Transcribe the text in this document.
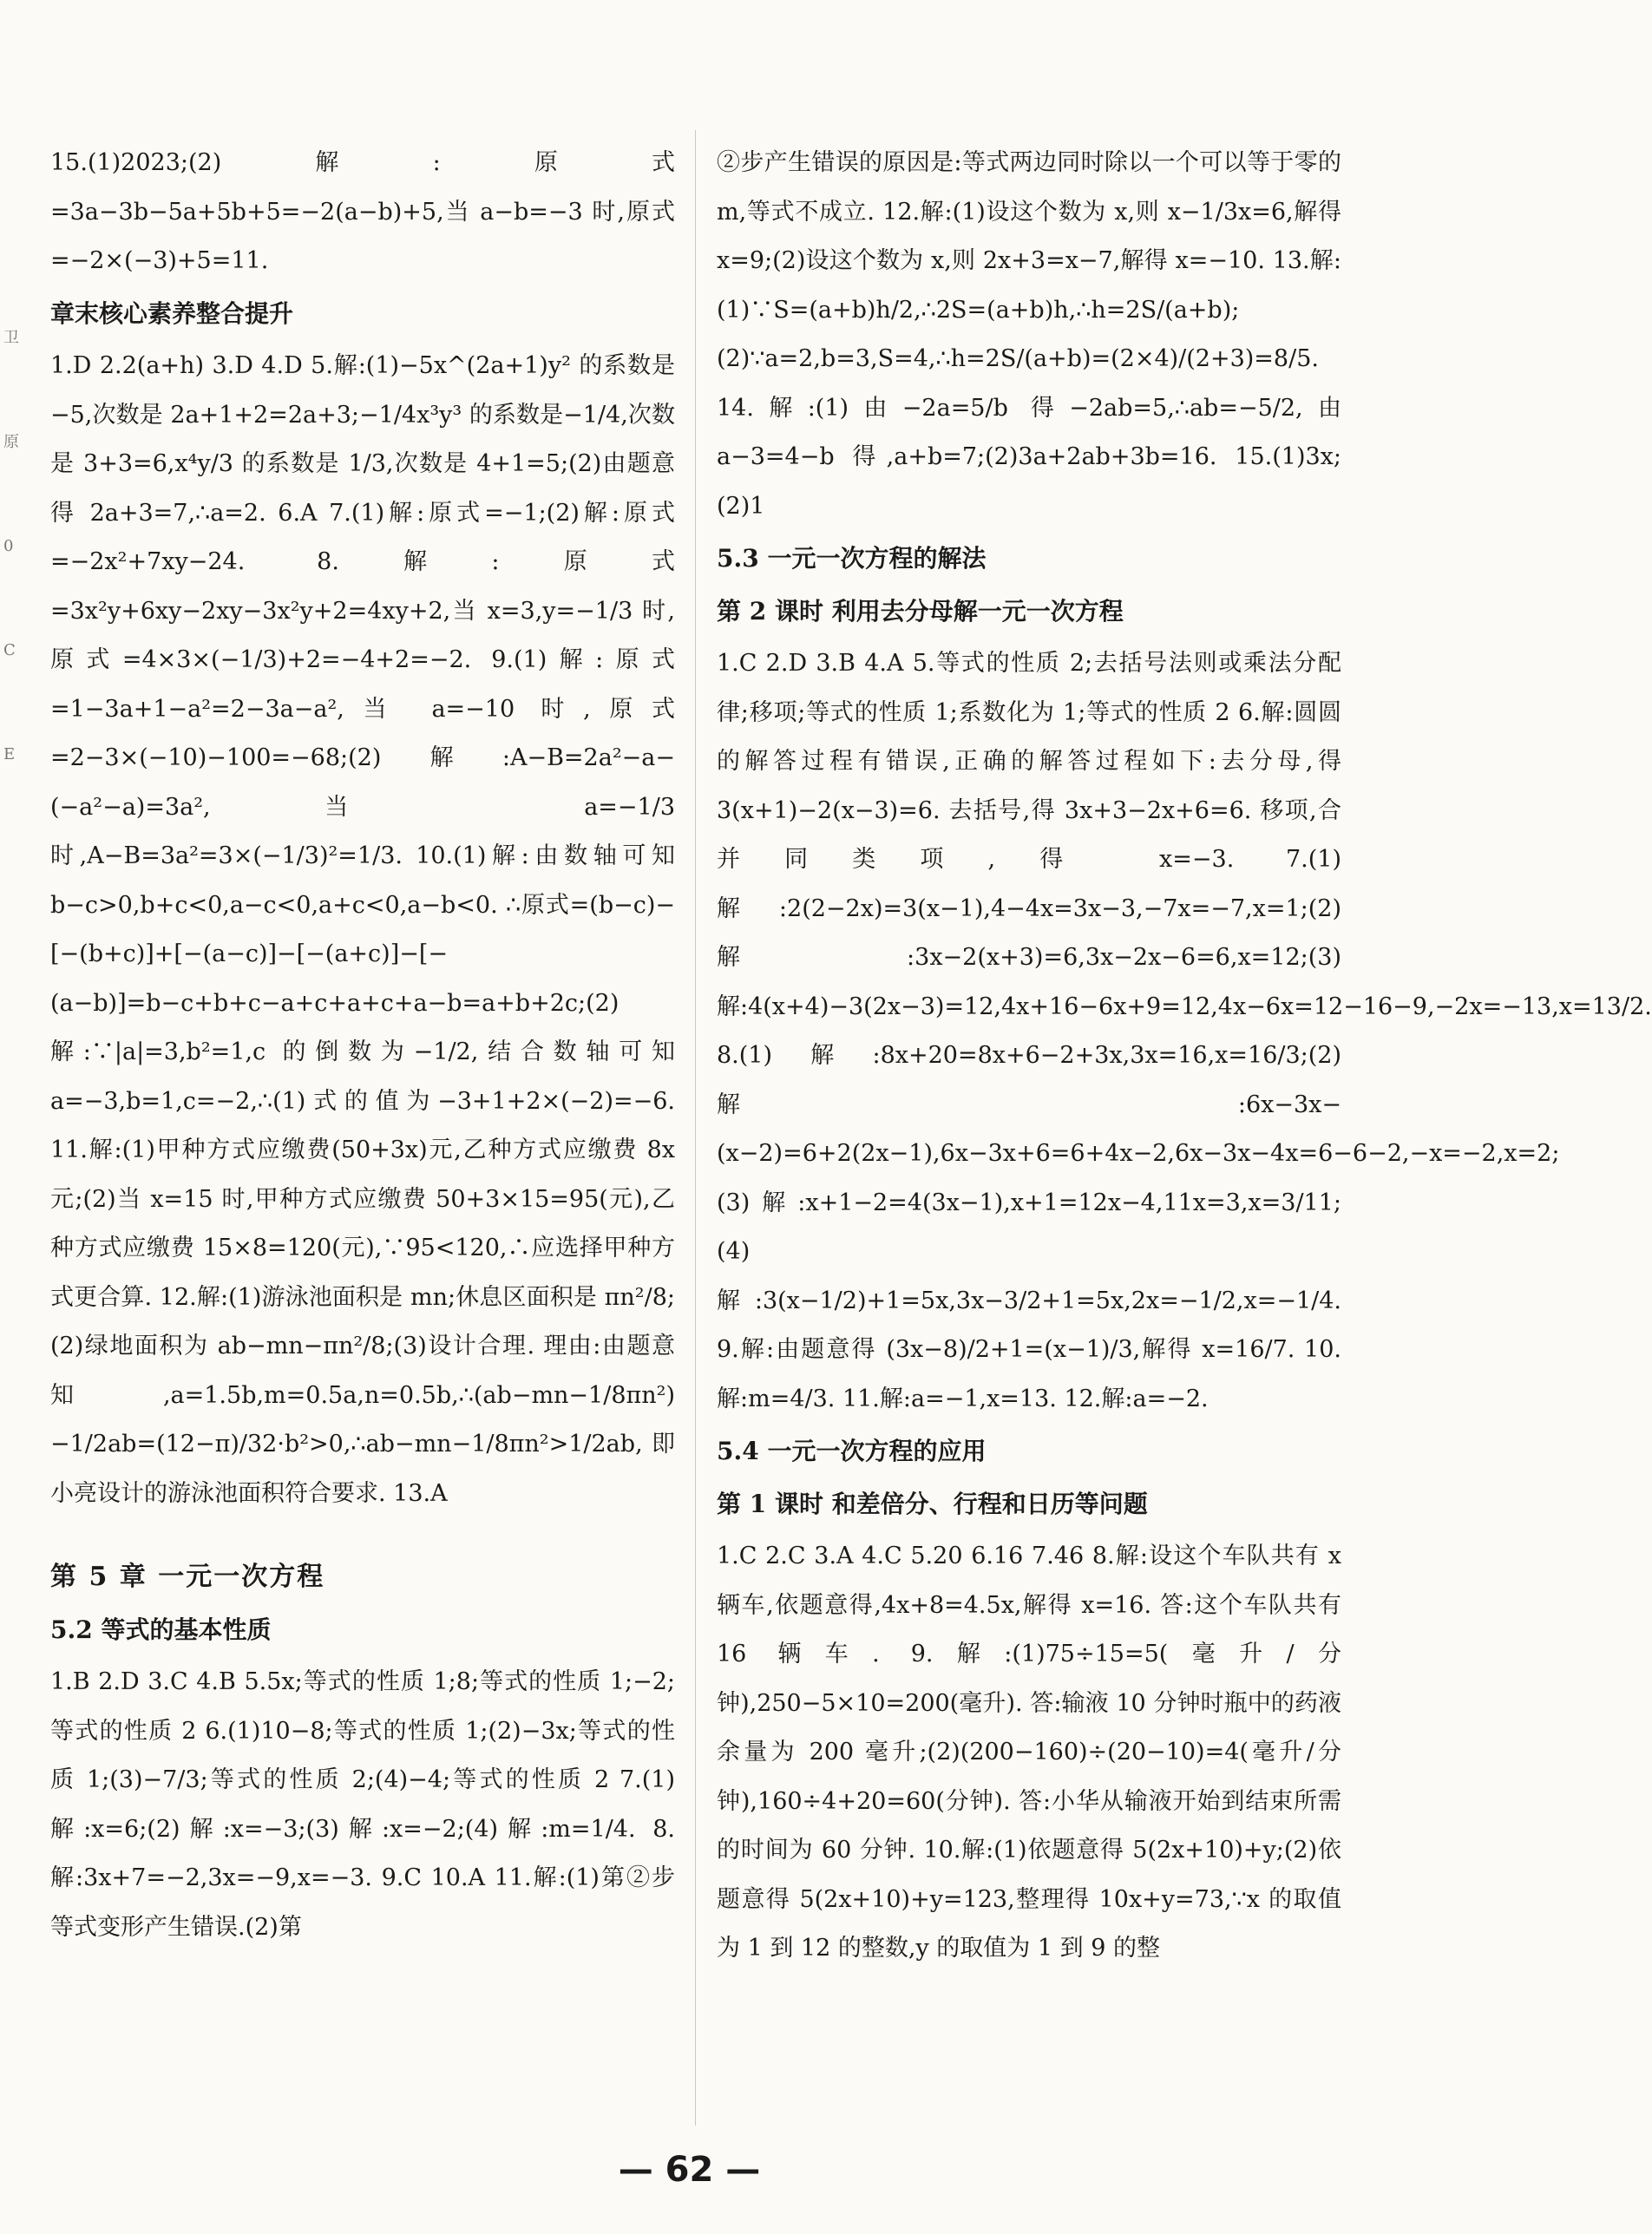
卫
原
0
C
E

15.(1)2023;(2)解:原式=3a−3b−5a+5b+5=−2(a−b)+5,当 a−b=−3 时,原式=−2×(−3)+5=11.

章末核心素养整合提升

1.D 2.2(a+h) 3.D 4.D 5.解:(1)−5x^(2a+1)y² 的系数是−5,次数是 2a+1+2=2a+3;−1/4x³y³ 的系数是−1/4,次数是 3+3=6,x⁴y/3 的系数是 1/3,次数是 4+1=5;(2)由题意得 2a+3=7,∴a=2. 6.A 7.(1)解:原式=−1;(2)解:原式=−2x²+7xy−24. 8.解:原式=3x²y+6xy−2xy−3x²y+2=4xy+2,当 x=3,y=−1/3 时,原式=4×3×(−1/3)+2=−4+2=−2. 9.(1)解:原式=1−3a+1−a²=2−3a−a²,当 a=−10 时,原式=2−3×(−10)−100=−68;(2)解:A−B=2a²−a−(−a²−a)=3a²,当 a=−1/3 时,A−B=3a²=3×(−1/3)²=1/3. 10.(1)解:由数轴可知 b−c>0,b+c<0,a−c<0,a+c<0,a−b<0. ∴原式=(b−c)−[−(b+c)]+[−(a−c)]−[−(a+c)]−[−(a−b)]=b−c+b+c−a+c+a+c+a−b=a+b+2c;(2)解:∵|a|=3,b²=1,c 的倒数为−1/2,结合数轴可知 a=−3,b=1,c=−2,∴(1)式的值为−3+1+2×(−2)=−6. 11.解:(1)甲种方式应缴费(50+3x)元,乙种方式应缴费 8x 元;(2)当 x=15 时,甲种方式应缴费 50+3×15=95(元),乙种方式应缴费 15×8=120(元),∵95<120,∴应选择甲种方式更合算. 12.解:(1)游泳池面积是 mn;休息区面积是 πn²/8;(2)绿地面积为 ab−mn−πn²/8;(3)设计合理. 理由:由题意知,a=1.5b,m=0.5a,n=0.5b,∴(ab−mn−1/8πn²)−1/2ab=(12−π)/32·b²>0,∴ab−mn−1/8πn²>1/2ab,即小亮设计的游泳池面积符合要求. 13.A

第 5 章 一元一次方程

5.2 等式的基本性质

1.B 2.D 3.C 4.B 5.5x;等式的性质 1;8;等式的性质 1;−2;等式的性质 2 6.(1)10−8;等式的性质 1;(2)−3x;等式的性质 1;(3)−7/3;等式的性质 2;(4)−4;等式的性质 2 7.(1)解:x=6;(2)解:x=−3;(3)解:x=−2;(4)解:m=1/4. 8.解:3x+7=−2,3x=−9,x=−3. 9.C 10.A 11.解:(1)第②步等式变形产生错误.(2)第

②步产生错误的原因是:等式两边同时除以一个可以等于零的 m,等式不成立. 12.解:(1)设这个数为 x,则 x−1/3x=6,解得 x=9;(2)设这个数为 x,则 2x+3=x−7,解得 x=−10. 13.解:(1)∵S=(a+b)h/2,∴2S=(a+b)h,∴h=2S/(a+b);(2)∵a=2,b=3,S=4,∴h=2S/(a+b)=(2×4)/(2+3)=8/5. 14.解:(1)由−2a=5/b 得−2ab=5,∴ab=−5/2,由 a−3=4−b 得,a+b=7;(2)3a+2ab+3b=16. 15.(1)3x;(2)1

5.3 一元一次方程的解法

第 2 课时 利用去分母解一元一次方程

1.C 2.D 3.B 4.A 5.等式的性质 2;去括号法则或乘法分配律;移项;等式的性质 1;系数化为 1;等式的性质 2 6.解:圆圆的解答过程有错误,正确的解答过程如下:去分母,得 3(x+1)−2(x−3)=6. 去括号,得 3x+3−2x+6=6. 移项,合并同类项,得 x=−3. 7.(1)解:2(2−2x)=3(x−1),4−4x=3x−3,−7x=−7,x=1;(2)解:3x−2(x+3)=6,3x−2x−6=6,x=12;(3)解:4(x+4)−3(2x−3)=12,4x+16−6x+9=12,4x−6x=12−16−9,−2x=−13,x=13/2. 8.(1)解:8x+20=8x+6−2+3x,3x=16,x=16/3;(2)解:6x−3x−(x−2)=6+2(2x−1),6x−3x+6=6+4x−2,6x−3x−4x=6−6−2,−x=−2,x=2;(3)解:x+1−2=4(3x−1),x+1=12x−4,11x=3,x=3/11;(4)解:3(x−1/2)+1=5x,3x−3/2+1=5x,2x=−1/2,x=−1/4. 9.解:由题意得 (3x−8)/2+1=(x−1)/3,解得 x=16/7. 10.解:m=4/3. 11.解:a=−1,x=13. 12.解:a=−2.

5.4 一元一次方程的应用

第 1 课时 和差倍分、行程和日历等问题

1.C 2.C 3.A 4.C 5.20 6.16 7.46 8.解:设这个车队共有 x 辆车,依题意得,4x+8=4.5x,解得 x=16. 答:这个车队共有 16 辆车. 9.解:(1)75÷15=5(毫升/分钟),250−5×10=200(毫升). 答:输液 10 分钟时瓶中的药液余量为 200 毫升;(2)(200−160)÷(20−10)=4(毫升/分钟),160÷4+20=60(分钟). 答:小华从输液开始到结束所需的时间为 60 分钟. 10.解:(1)依题意得 5(2x+10)+y;(2)依题意得 5(2x+10)+y=123,整理得 10x+y=73,∵x 的取值为 1 到 12 的整数,y 的取值为 1 到 9 的整

— 62 —
